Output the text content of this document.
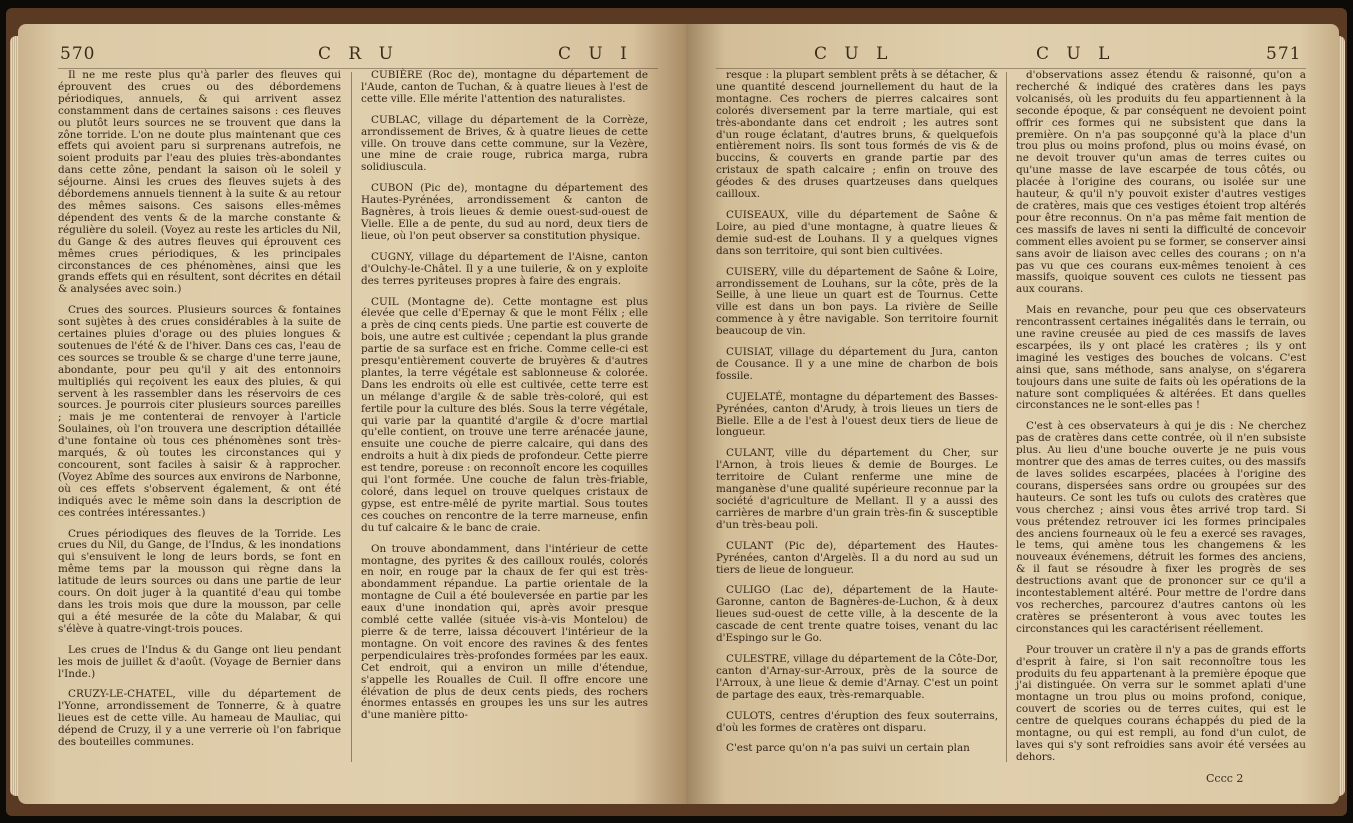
570	C R U	C U I

Il ne me reste plus qu'à parler des fleuves qui éprouvent des crues ou des débordemens périodiques, annuels, & qui arrivent assez constamment dans de certaines saisons : ces fleuves ou plutôt leurs sources ne se trouvent que dans la zône torride. L'on ne doute plus maintenant que ces effets qui avoient paru si surprenans autrefois, ne soient produits par l'eau des pluies très-abondantes dans cette zône, pendant la saison où le soleil y séjourne. Ainsi les crues des fleuves sujets à des débordemens annuels tiennent à la suite & au retour des mêmes saisons. Ces saisons elles-mêmes dépendent des vents & de la marche constante & régulière du soleil. (Voyez au reste les articles du Nil, du Gange & des autres fleuves qui éprouvent ces mêmes crues périodiques, & les principales circonstances de ces phénomènes, ainsi que les grands effets qui en résultent, sont décrites en détail & analysées avec soin.)

Crues des sources. Plusieurs sources & fontaines sont sujètes à des crues considérables à la suite de certaines pluies d'orage ou des pluies longues & soutenues de l'été & de l'hiver. Dans ces cas, l'eau de ces sources se trouble & se charge d'une terre jaune, abondante, pour peu qu'il y ait des entonnoirs multipliés qui reçoivent les eaux des pluies, & qui servent à les rassembler dans les réservoirs de ces sources. Je pourrois citer plusieurs sources pareilles ; mais je me contenterai de renvoyer à l'article Soulaines, où l'on trouvera une description détaillée d'une fontaine où tous ces phénomènes sont très-marqués, & où toutes les circonstances qui y concourent, sont faciles à saisir & à rapprocher. (Voyez Abîme des sources aux environs de Narbonne, où ces effets s'observent également, & ont été indiqués avec le même soin dans la description de ces contrées intéressantes.)

Crues périodiques des fleuves de la Torride. Les crues du Nil, du Gange, de l'Indus, & les inondations qui s'ensuivent le long de leurs bords, se font en même tems par la mousson qui règne dans la latitude de leurs sources ou dans une partie de leur cours. On doit juger à la quantité d'eau qui tombe dans les trois mois que dure la mousson, par celle qui a été mesurée de la côte du Malabar, & qui s'élève à quatre-vingt-trois pouces.

Les crues de l'Indus & du Gange ont lieu pendant les mois de juillet & d'août. (Voyage de Bernier dans l'Inde.)

CRUZY-LE-CHATEL, ville du département de l'Yonne, arrondissement de Tonnerre, & à quatre lieues est de cette ville. Au hameau de Mauliac, qui dépend de Cruzy, il y a une verrerie où l'on fabrique des bouteilles communes.

CUBIÈRE (Roc de), montagne du département de l'Aude, canton de Tuchan, & à quatre lieues à l'est de cette ville. Elle mérite l'attention des naturalistes.

CUBLAC, village du département de la Corrèze, arrondissement de Brives, & à quatre lieues de cette ville. On trouve dans cette commune, sur la Vezère, une mine de craie rouge, rubrica marga, rubra solidiuscula.

CUBON (Pic de), montagne du département des Hautes-Pyrénées, arrondissement & canton de Bagnères, à trois lieues & demie ouest-sud-ouest de Vielle. Elle a de pente, du sud au nord, deux tiers de lieue, où l'on peut observer sa constitution physique.

CUGNY, village du département de l'Aisne, canton d'Oulchy-le-Châtel. Il y a une tuilerie, & on y exploite des terres pyriteuses propres à faire des engrais.

CUIL (Montagne de). Cette montagne est plus élevée que celle d'Epernay & que le mont Félix ; elle a près de cinq cents pieds. Une partie est couverte de bois, une autre est cultivée ; cependant la plus grande partie de sa surface est en friche. Comme celle-ci est presqu'entièrement couverte de bruyères & d'autres plantes, la terre végétale est sablonneuse & colorée. Dans les endroits où elle est cultivée, cette terre est un mélange d'argile & de sable très-coloré, qui est fertile pour la culture des blés. Sous la terre végétale, qui varie par la quantité d'argile & d'ocre martial qu'elle contient, on trouve une terre arénacée jaune, ensuite une couche de pierre calcaire, qui dans des endroits a huit à dix pieds de profondeur. Cette pierre est tendre, poreuse : on reconnoît encore les coquilles qui l'ont formée. Une couche de falun très-friable, coloré, dans lequel on trouve quelques cristaux de gypse, est entre-mêlé de pyrite martial. Sous toutes ces couches on rencontre de la terre marneuse, enfin du tuf calcaire & le banc de craie.

On trouve abondamment, dans l'intérieur de cette montagne, des pyrites & des cailloux roulés, colorés en noir, en rouge par la chaux de fer qui est très-abondamment répandue. La partie orientale de la montagne de Cuil a été bouleversée en partie par les eaux d'une inondation qui, après avoir presque comblé cette vallée (située vis-à-vis Montelou) de pierre & de terre, laissa découvert l'intérieur de la montagne. On voit encore des ravines & des fentes perpendiculaires très-profondes formées par les eaux. Cet endroit, qui a environ un mille d'étendue, s'appelle les Roualles de Cuil. Il offre encore une élévation de plus de deux cents pieds, des rochers énormes entassés en groupes les uns sur les autres d'une manière pitto-

C U L	C U L	571

resque : la plupart semblent prêts à se détacher, & une quantité descend journellement du haut de la montagne. Ces rochers de pierres calcaires sont colorés diversement par la terre martiale, qui est très-abondante dans cet endroit ; les autres sont d'un rouge éclatant, d'autres bruns, & quelquefois entièrement noirs. Ils sont tous formés de vis & de buccins, & couverts en grande partie par des cristaux de spath calcaire ; enfin on trouve des géodes & des druses quartzeuses dans quelques cailloux.

CUISEAUX, ville du département de Saône & Loire, au pied d'une montagne, à quatre lieues & demie sud-est de Louhans. Il y a quelques vignes dans son territoire, qui sont bien cultivées.

CUISERY, ville du département de Saône & Loire, arrondissement de Louhans, sur la côte, près de la Seille, à une lieue un quart est de Tournus. Cette ville est dans un bon pays. La rivière de Seille commence à y être navigable. Son territoire fournit beaucoup de vin.

CUISIAT, village du département du Jura, canton de Cousance. Il y a une mine de charbon de bois fossile.

CUJELATÉ, montagne du département des Basses-Pyrénées, canton d'Arudy, à trois lieues un tiers de Bielle. Elle a de l'est à l'ouest deux tiers de lieue de longueur.

CULANT, ville du département du Cher, sur l'Arnon, à trois lieues & demie de Bourges. Le territoire de Culant renferme une mine de manganèse d'une qualité supérieure reconnue par la société d'agriculture de Mellant. Il y a aussi des carrières de marbre d'un grain très-fin & susceptible d'un très-beau poli.

CULANT (Pic de), département des Hautes-Pyrénées, canton d'Argelès. Il a du nord au sud un tiers de lieue de longueur.

CULIGO (Lac de), département de la Haute-Garonne, canton de Bagnères-de-Luchon, & à deux lieues sud-ouest de cette ville, à la descente de la cascade de cent trente quatre toises, venant du lac d'Espingo sur le Go.

CULESTRE, village du département de la Côte-Dor, canton d'Arnay-sur-Arroux, près de la source de l'Arroux, à une lieue & demie d'Arnay. C'est un point de partage des eaux, très-remarquable.

CULOTS, centres d'éruption des feux souterrains, d'où les formes de cratères ont disparu.

C'est parce qu'on n'a pas suivi un certain plan

d'observations assez étendu & raisonné, qu'on a recherché & indiqué des cratères dans les pays volcanisés, où les produits du feu appartiennent à la seconde époque, & par conséquent ne devoient point offrir ces formes qui ne subsistent que dans la première. On n'a pas soupçonné qu'à la place d'un trou plus ou moins profond, plus ou moins évasé, on ne devoit trouver qu'un amas de terres cuites ou qu'une masse de lave escarpée de tous côtés, ou placée à l'origine des courans, ou isolée sur une hauteur, & qu'il n'y pouvoit exister d'autres vestiges de cratères, mais que ces vestiges étoient trop altérés pour être reconnus. On n'a pas même fait mention de ces massifs de laves ni senti la difficulté de concevoir comment elles avoient pu se former, se conserver ainsi sans avoir de liaison avec celles des courans ; on n'a pas vu que ces courans eux-mêmes tenoient à ces massifs, quoique souvent ces culots ne tiessent pas aux courans.

Mais en revanche, pour peu que ces observateurs rencontrassent certaines inégalités dans le terrain, ou une ravine creusée au pied de ces massifs de laves escarpées, ils y ont placé les cratères ; ils y ont imaginé les vestiges des bouches de volcans. C'est ainsi que, sans méthode, sans analyse, on s'égarera toujours dans une suite de faits où les opérations de la nature sont compliquées & altérées. Et dans quelles circonstances ne le sont-elles pas !

C'est à ces observateurs à qui je dis : Ne cherchez pas de cratères dans cette contrée, où il n'en subsiste plus. Au lieu d'une bouche ouverte je ne puis vous montrer que des amas de terres cuites, ou des massifs de laves solides escarpées, placées à l'origine des courans, dispersées sans ordre ou groupées sur des hauteurs. Ce sont les tufs ou culots des cratères que vous cherchez ; ainsi vous êtes arrivé trop tard. Si vous prétendez retrouver ici les formes principales des anciens fourneaux où le feu a exercé ses ravages, le tems, qui amène tous les changemens & les nouveaux événemens, détruit les formes des anciens, & il faut se résoudre à fixer les progrès de ses destructions avant que de prononcer sur ce qu'il a incontestablement altéré. Pour mettre de l'ordre dans vos recherches, parcourez d'autres cantons où les cratères se présenteront à vous avec toutes les circonstances qui les caractérisent réellement.

Pour trouver un cratère il n'y a pas de grands efforts d'esprit à faire, si l'on sait reconnoître tous les produits du feu appartenant à la première époque que j'ai distinguée. On verra sur le sommet aplati d'une montagne un trou plus ou moins profond, conique, couvert de scories ou de terres cuites, qui est le centre de quelques courans échappés du pied de la montagne, ou qui est rempli, au fond d'un culot, de laves qui s'y sont refroidies sans avoir été versées au dehors.

Cccc 2
